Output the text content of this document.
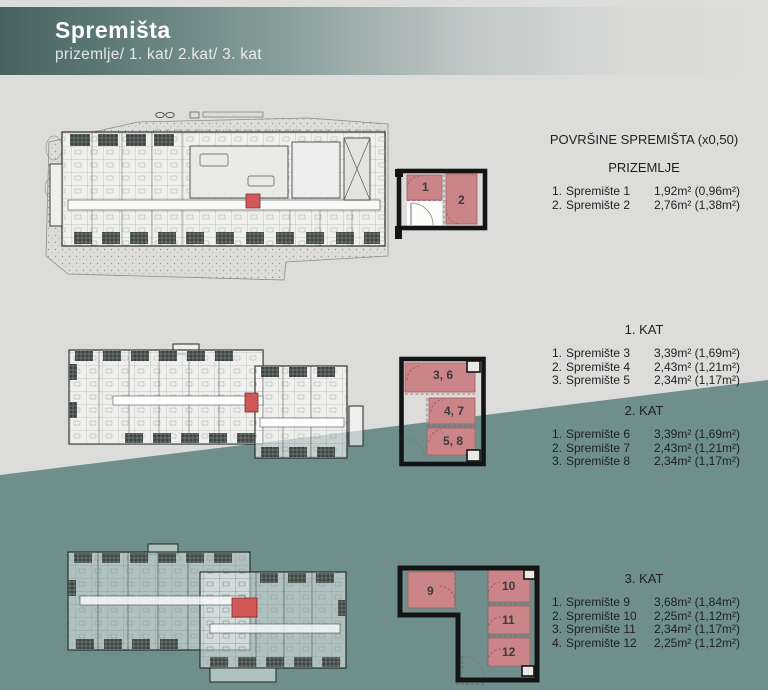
Spremišta
prizemlje/ 1. kat/ 2.kat/ 3. kat
1
2
3, 6
4, 7
5, 8
9	10
11
12
POVRŠINE SPREMIŠTA (x0,50)
PRIZEMLJE
1. Spremište 1	1,92m² (0,96m²)
2. Spremište 2	2,76m² (1,38m²)
1. KAT
1. Spremište 3	3,39m² (1,69m²)
2. Spremište 4	2,43m² (1,21m²)
3. Spremište 5	2,34m² (1,17m²)
2. KAT
1. Spremište 6	3,39m² (1,69m²)
2. Spremište 7	2,43m² (1,21m²)
3. Spremište 8	2,34m² (1,17m²)
3. KAT
1. Spremište 9	3,68m² (1,84m²)
2. Spremište 10	2,25m² (1,12m²)
3. Spremište 11	2,34m² (1,17m²)
4. Spremište 12	2,25m² (1,12m²)
